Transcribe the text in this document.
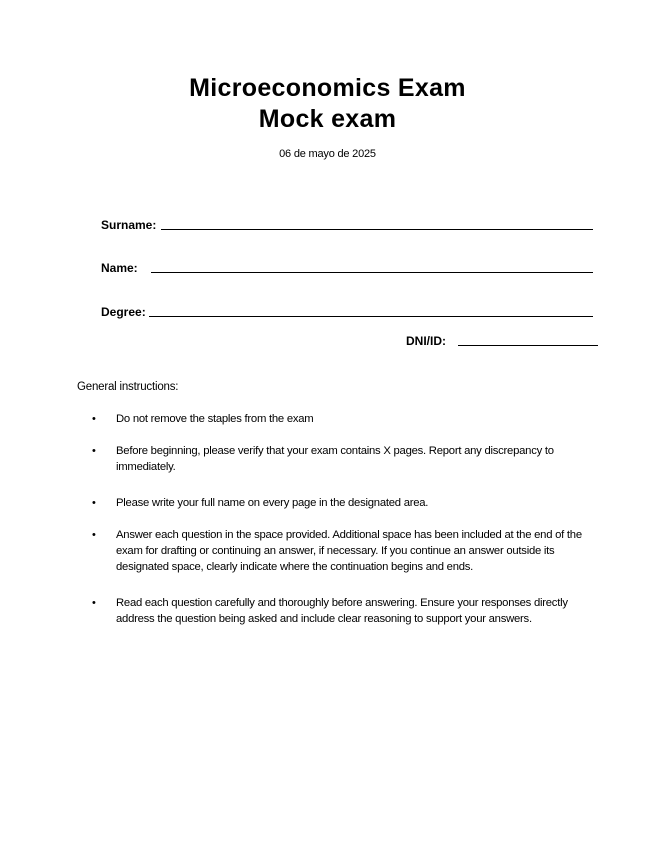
Microeconomics Exam
Mock exam
06 de mayo de 2025
Surname:
Name:
Degree:
DNI/ID:
General instructions:
•	Do not remove the staples from the exam
•	Before beginning, please verify that your exam contains X pages. Report any discrepancy to immediately.
•	Please write your full name on every page in the designated area.
•	Answer each question in the space provided. Additional space has been included at the end of the exam for drafting or continuing an answer, if necessary. If you continue an answer outside its designated space, clearly indicate where the continuation begins and ends.
•	Read each question carefully and thoroughly before answering. Ensure your responses directly address the question being asked and include clear reasoning to support your answers.
